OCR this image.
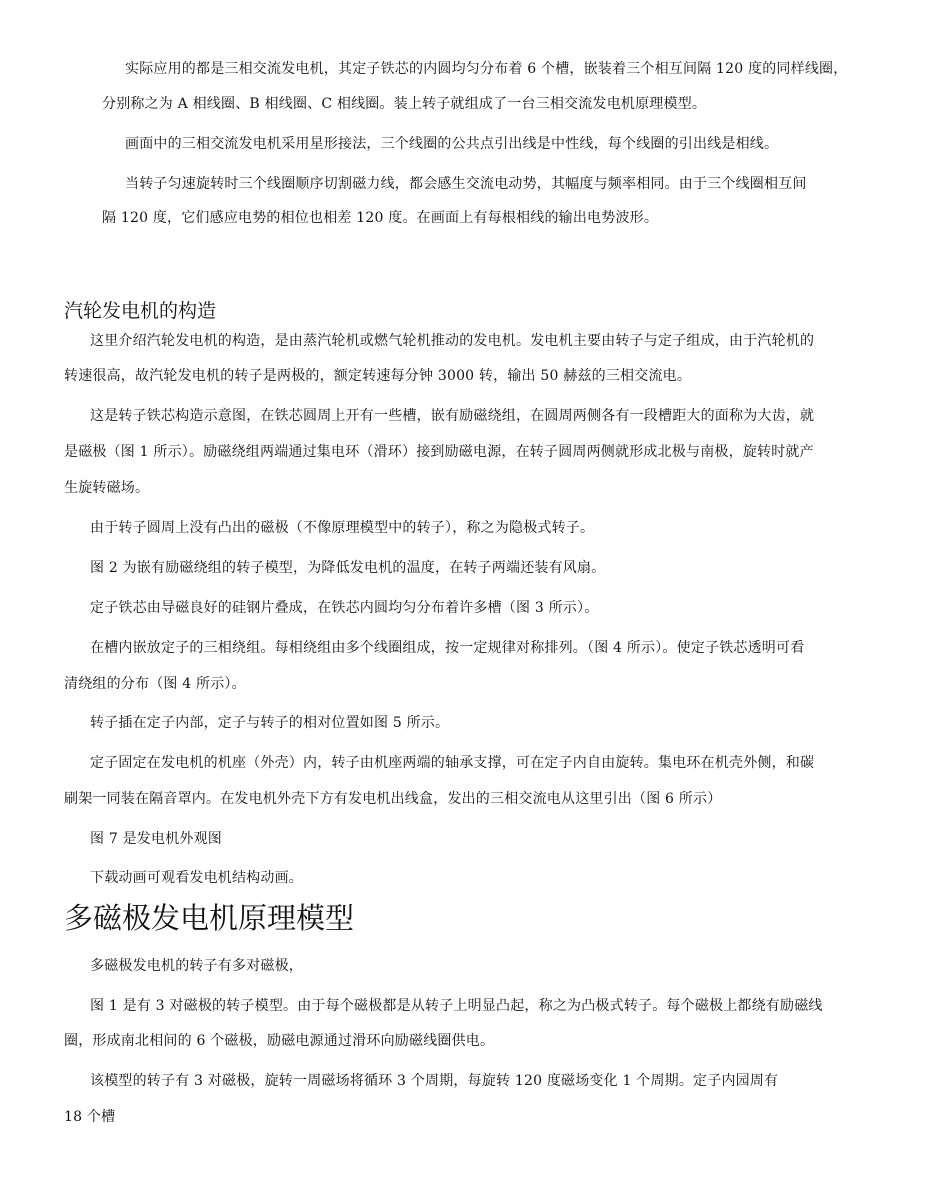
实际应用的都是三相交流发电机，其定子铁芯的内圆均匀分布着 6 个槽，嵌装着三个相互间隔 120 度的同样线圈，
分别称之为 A 相线圈、B 相线圈、C 相线圈。装上转子就组成了一台三相交流发电机原理模型。
画面中的三相交流发电机采用星形接法，三个线圈的公共点引出线是中性线，每个线圈的引出线是相线。
当转子匀速旋转时三个线圈顺序切割磁力线，都会感生交流电动势，其幅度与频率相同。由于三个线圈相互间
隔 120 度，它们感应电势的相位也相差 120 度。在画面上有每根相线的输出电势波形。
汽轮发电机的构造
这里介绍汽轮发电机的构造，是由蒸汽轮机或燃气轮机推动的发电机。发电机主要由转子与定子组成，由于汽轮机的
转速很高，故汽轮发电机的转子是两极的，额定转速每分钟 3000 转，输出 50 赫兹的三相交流电。
这是转子铁芯构造示意图，在铁芯圆周上开有一些槽，嵌有励磁绕组，在圆周两侧各有一段槽距大的面称为大齿，就
是磁极（图 1 所示）。励磁绕组两端通过集电环（滑环）接到励磁电源，在转子圆周两侧就形成北极与南极，旋转时就产
生旋转磁场。
由于转子圆周上没有凸出的磁极（不像原理模型中的转子），称之为隐极式转子。
图 2 为嵌有励磁绕组的转子模型，为降低发电机的温度，在转子两端还装有风扇。
定子铁芯由导磁良好的硅钢片叠成，在铁芯内圆均匀分布着许多槽（图 3 所示）。
在槽内嵌放定子的三相绕组。每相绕组由多个线圈组成，按一定规律对称排列。（图 4 所示）。使定子铁芯透明可看
清绕组的分布（图 4 所示）。
转子插在定子内部，定子与转子的相对位置如图 5 所示。
定子固定在发电机的机座（外壳）内，转子由机座两端的轴承支撑，可在定子内自由旋转。集电环在机壳外侧，和碳
刷架一同装在隔音罩内。在发电机外壳下方有发电机出线盒，发出的三相交流电从这里引出（图 6 所示）
图 7 是发电机外观图
下载动画可观看发电机结构动画。
多磁极发电机原理模型
多磁极发电机的转子有多对磁极，
图 1 是有 3 对磁极的转子模型。由于每个磁极都是从转子上明显凸起，称之为凸极式转子。每个磁极上都绕有励磁线
圈，形成南北相间的 6 个磁极，励磁电源通过滑环向励磁线圈供电。
该模型的转子有 3 对磁极，旋转一周磁场将循环 3 个周期，每旋转 120 度磁场变化 1 个周期。定子内园周有
18 个槽
